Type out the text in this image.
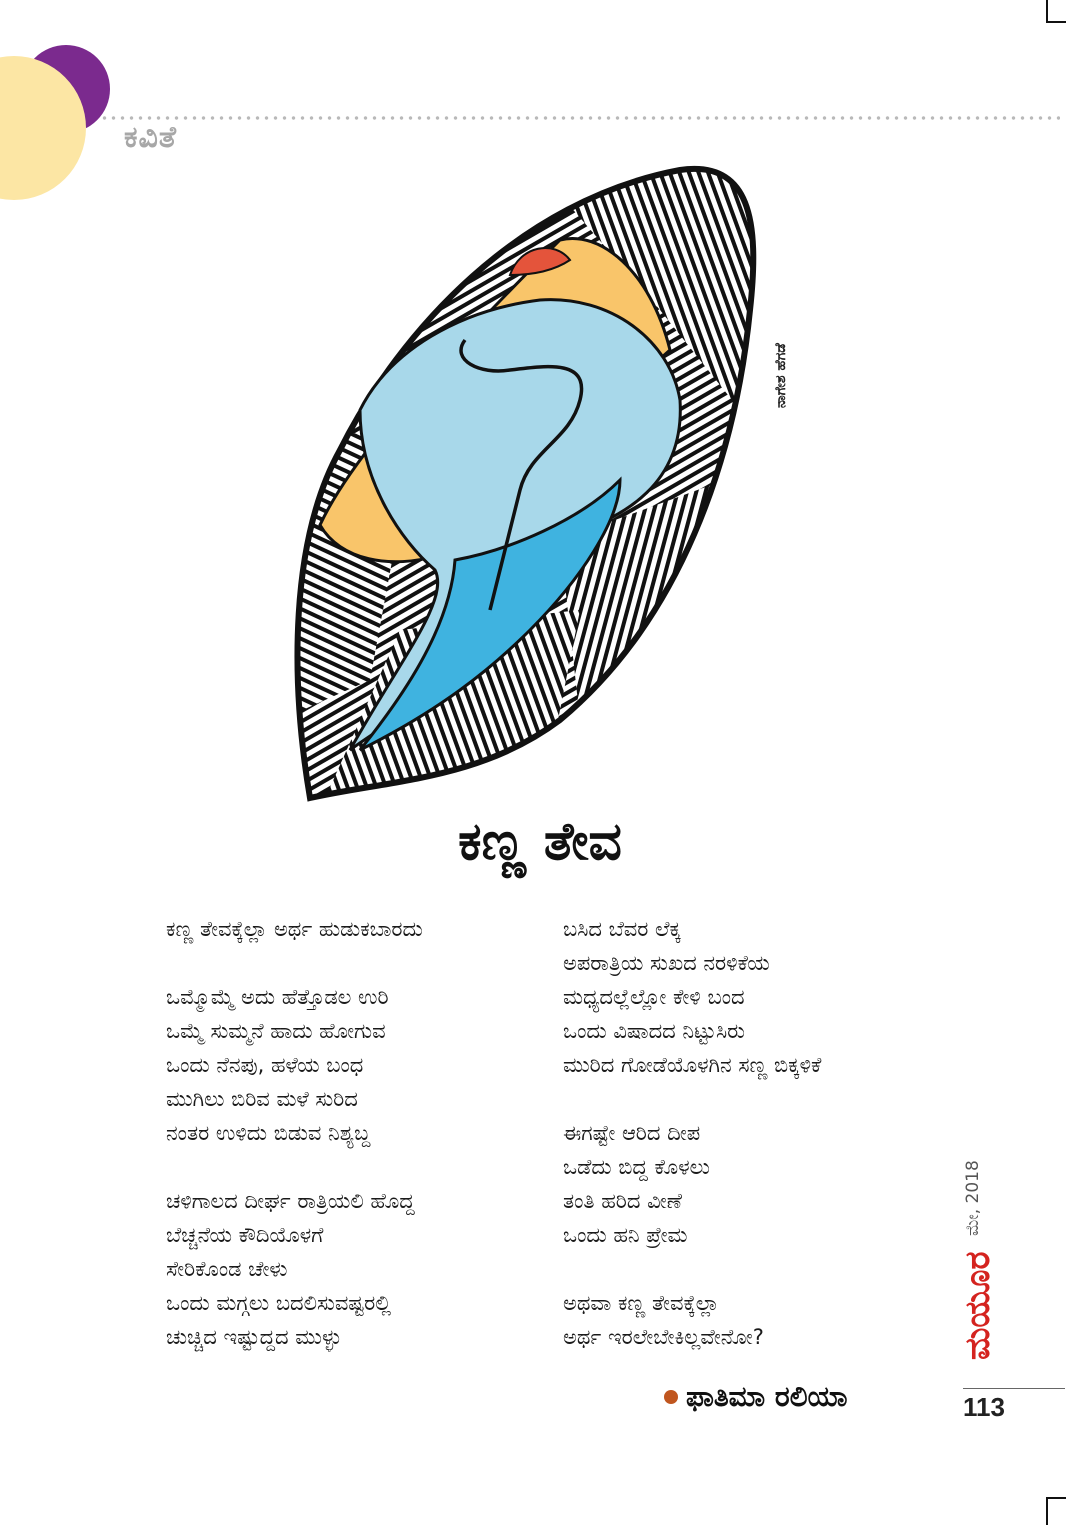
ಕವಿತೆ
ನಾಗೇಶ ಹೆಗಡೆ
ಕಣ್ಣ ತೇವ

ಕಣ್ಣ ತೇವಕ್ಕೆಲ್ಲಾ ಅರ್ಥ ಹುಡುಕಬಾರದು

ಒಮ್ಮೊಮ್ಮೆ ಅದು ಹೆತ್ತೊಡಲ ಉರಿ

ಒಮ್ಮೆ ಸುಮ್ಮನೆ ಹಾದು ಹೋಗುವ

ಒಂದು ನೆನಪು, ಹಳೆಯ ಬಂಧ

ಮುಗಿಲು ಬಿರಿವ ಮಳೆ ಸುರಿದ

ನಂತರ ಉಳಿದು ಬಿಡುವ ನಿಶ್ಯಬ್ದ

ಚಳಿಗಾಲದ ದೀರ್ಘ ರಾತ್ರಿಯಲಿ ಹೊದ್ದ

ಬೆಚ್ಚನೆಯ ಕೌದಿಯೊಳಗೆ

ಸೇರಿಕೊಂಡ ಚೇಳು

ಒಂದು ಮಗ್ಗಲು ಬದಲಿಸುವಷ್ಟರಲ್ಲಿ

ಚುಚ್ಚಿದ ಇಷ್ಟುದ್ದದ ಮುಳ್ಳು

ಬಸಿದ ಬೆವರ ಲೆಕ್ಕ

ಅಪರಾತ್ರಿಯ ಸುಖದ ನರಳಿಕೆಯ

ಮಧ್ಯದಲ್ಲೆಲ್ಲೋ ಕೇಳಿ ಬಂದ

ಒಂದು ವಿಷಾದದ ನಿಟ್ಟುಸಿರು

ಮುರಿದ ಗೋಡೆಯೊಳಗಿನ ಸಣ್ಣ ಬಿಕ್ಕಳಿಕೆ

ಈಗಷ್ಟೇ ಆರಿದ ದೀಪ

ಒಡೆದು ಬಿದ್ದ ಕೊಳಲು

ತಂತಿ ಹರಿದ ವೀಣೆ

ಒಂದು ಹನಿ ಪ್ರೇಮ

ಅಥವಾ ಕಣ್ಣ ತೇವಕ್ಕೆಲ್ಲಾ

ಅರ್ಥ ಇರಲೇಬೇಕಿಲ್ಲವೇನೋ?

ಫಾತಿಮಾ ರಲಿಯಾ
ಮೇ, 2018
ಮಯೂರ
113
